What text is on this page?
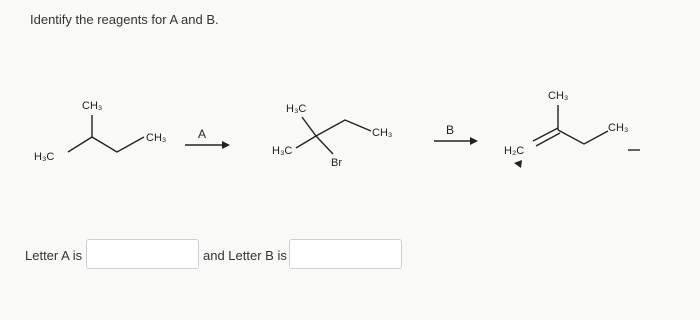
Identify the reagents for A and B.
H₃C
CH₃
CH₃	A
H₃C
H₃C
Br
CH₃	B
H₂C
CH₃
CH₃
Letter A is	and Letter B is
